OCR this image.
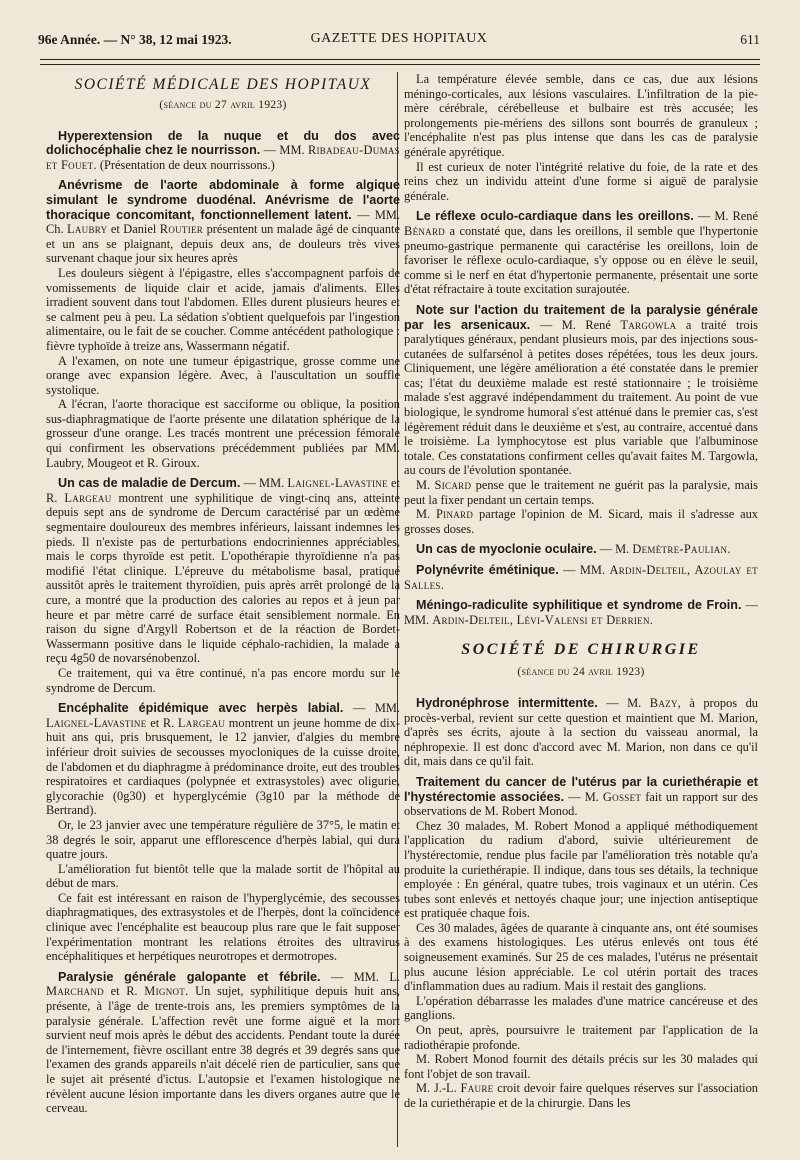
96e Année. — N° 38, 12 mai 1923.	GAZETTE DES HOPITAUX	611
SOCIÉTÉ MÉDICALE DES HOPITAUX
(séance du 27 avril 1923)

Hyperextension de la nuque et du dos avec dolichocéphalie chez le nourrisson. — MM. Ribadeau-Dumas et Fouet. (Présentation de deux nourrissons.)

Anévrisme de l'aorte abdominale à forme algique simulant le syndrome duodénal. Anévrisme de l'aorte thoracique concomitant, fonctionnellement latent. — MM. Ch. Laubry et Daniel Routier présentent un malade âgé de cinquante et un ans se plaignant, depuis deux ans, de douleurs très vives survenant chaque jour six heures après

Les douleurs siègent à l'épigastre, elles s'accompagnent parfois de vomissements de liquide clair et acide, jamais d'aliments. Elles irradient souvent dans tout l'abdomen. Elles durent plusieurs heures et se calment peu à peu. La sédation s'obtient quelquefois par l'ingestion alimentaire, ou le fait de se coucher. Comme antécédent pathologique : fièvre typhoïde à treize ans, Wassermann négatif.

A l'examen, on note une tumeur épigastrique, grosse comme une orange avec expansion légère. Avec, à l'auscultation un souffle systolique.

A l'écran, l'aorte thoracique est sacciforme ou oblique, la position sus-diaphragmatique de l'aorte présente une dilatation sphérique de la grosseur d'une orange. Les tracés montrent une précession fémorale qui confirment les observations précédemment publiées par MM. Laubry, Mougeot et R. Giroux.

Un cas de maladie de Dercum. — MM. Laignel-Lavastine et R. Largeau montrent une syphilitique de vingt-cinq ans, atteinte depuis sept ans de syndrome de Dercum caractérisé par un œdème segmentaire douloureux des membres inférieurs, laissant indemnes les pieds. Il n'existe pas de perturbations endocriniennes appréciables, mais le corps thyroïde est petit. L'opothérapie thyroïdienne n'a pas modifié l'état clinique. L'épreuve du métabolisme basal, pratiqué aussitôt après le traitement thyroïdien, puis après arrêt prolongé de la cure, a montré que la production des calories au repos et à jeun par heure et par mètre carré de surface était sensiblement normale. En raison du signe d'Argyll Robertson et de la réaction de Bordet-Wassermann positive dans le liquide céphalo-rachidien, la malade a reçu 4g50 de novarsénobenzol.

Ce traitement, qui va être continué, n'a pas encore mordu sur le syndrome de Dercum.

Encéphalite épidémique avec herpès labial. — MM. Laignel-Lavastine et R. Largeau montrent un jeune homme de dix-huit ans qui, pris brusquement, le 12 janvier, d'algies du membre inférieur droit suivies de secousses myocloniques de la cuisse droite, de l'abdomen et du diaphragme à prédominance droite, eut des troubles respiratoires et cardiaques (polypnée et extrasystoles) avec oligurie, glycorachie (0g30) et hyperglycémie (3g10 par la méthode de Bertrand).

Or, le 23 janvier avec une température régulière de 37°5, le matin et 38 degrés le soir, apparut une efflorescence d'herpès labial, qui dura quatre jours.

L'amélioration fut bientôt telle que la malade sortit de l'hôpital au début de mars.

Ce fait est intéressant en raison de l'hyperglycémie, des secousses diaphragmatiques, des extrasystoles et de l'herpès, dont la coïncidence clinique avec l'encéphalite est beaucoup plus rare que le fait supposer l'expérimentation montrant les relations étroites des ultravirus encéphalitiques et herpétiques neurotropes et dermotropes.

Paralysie générale galopante et fébrile. — MM. L. Marchand et R. Mignot. Un sujet, syphilitique depuis huit ans, présente, à l'âge de trente-trois ans, les premiers symptômes de la paralysie générale. L'affection revêt une forme aiguë et la mort survient neuf mois après le début des accidents. Pendant toute la durée de l'internement, fièvre oscillant entre 38 degrés et 39 degrés sans que l'examen des grands appareils n'ait décelé rien de particulier, sans que le sujet ait présenté d'ictus. L'autopsie et l'examen histologique ne révèlent aucune lésion importante dans les divers organes autre que le cerveau.

La température élevée semble, dans ce cas, due aux lésions méningo-corticales, aux lésions vasculaires. L'infiltration de la pie-mère cérébrale, cérébelleuse et bulbaire est très accusée; les prolongements pie-mériens des sillons sont bourrés de granuleux ; l'encéphalite n'est pas plus intense que dans les cas de paralysie générale apyrétique.

Il est curieux de noter l'intégrité relative du foie, de la rate et des reins chez un individu atteint d'une forme si aiguë de paralysie générale.

Le réflexe oculo-cardiaque dans les oreillons. — M. René Bénard a constaté que, dans les oreillons, il semble que l'hypertonie pneumo-gastrique permanente qui caractérise les oreillons, loin de favoriser le réflexe oculo-cardiaque, s'y oppose ou en élève le seuil, comme si le nerf en état d'hypertonie permanente, présentait une sorte d'état réfractaire à toute excitation surajoutée.

Note sur l'action du traitement de la paralysie générale par les arsenicaux. — M. René Targowla a traité trois paralytiques généraux, pendant plusieurs mois, par des injections sous-cutanées de sulfarsénol à petites doses répétées, tous les deux jours. Cliniquement, une légère amélioration a été constatée dans le premier cas; l'état du deuxième malade est resté stationnaire ; le troisième malade s'est aggravé indépendamment du traitement. Au point de vue biologique, le syndrome humoral s'est atténué dans le premier cas, s'est légèrement réduit dans le deuxième et s'est, au contraire, accentué dans le troisième. La lymphocytose est plus variable que l'albuminose totale. Ces constatations confirment celles qu'avait faites M. Targowla, au cours de l'évolution spontanée.

M. Sicard pense que le traitement ne guérit pas la paralysie, mais peut la fixer pendant un certain temps.

M. Pinard partage l'opinion de M. Sicard, mais il s'adresse aux grosses doses.

Un cas de myoclonie oculaire. — M. Demètre-Paulian.

Polynévrite émétinique. — MM. Ardin-Delteil, Azoulay et Salles.

Méningo-radiculite syphilitique et syndrome de Froin. — MM. Ardin-Delteil, Lévi-Valensi et Derrien.

SOCIÉTÉ DE CHIRURGIE
(séance du 24 avril 1923)

Hydronéphrose intermittente. — M. Bazy, à propos du procès-verbal, revient sur cette question et maintient que M. Marion, d'après ses écrits, ajoute à la section du vaisseau anormal, la néphropexie. Il est donc d'accord avec M. Marion, non dans ce qu'il dit, mais dans ce qu'il fait.

Traitement du cancer de l'utérus par la curiethérapie et l'hystérectomie associées. — M. Gosset fait un rapport sur des observations de M. Robert Monod.

Chez 30 malades, M. Robert Monod a appliqué méthodiquement l'application du radium d'abord, suivie ultérieurement de l'hystérectomie, rendue plus facile par l'amélioration très notable qu'a produite la curiethérapie. Il indique, dans tous ses détails, la technique employée : En général, quatre tubes, trois vaginaux et un utérin. Ces tubes sont enlevés et nettoyés chaque jour; une injection antiseptique est pratiquée chaque fois.

Ces 30 malades, âgées de quarante à cinquante ans, ont été soumises à des examens histologiques. Les utérus enlevés ont tous été soigneusement examinés. Sur 25 de ces malades, l'utérus ne présentait plus aucune lésion appréciable. Le col utérin portait des traces d'inflammation dues au radium. Mais il restait des ganglions.

L'opération débarrasse les malades d'une matrice cancéreuse et des ganglions.

On peut, après, poursuivre le traitement par l'application de la radiothérapie profonde.

M. Robert Monod fournit des détails précis sur les 30 malades qui font l'objet de son travail.

M. J.-L. Faure croit devoir faire quelques réserves sur l'association de la curiethérapie et de la chirurgie. Dans les
